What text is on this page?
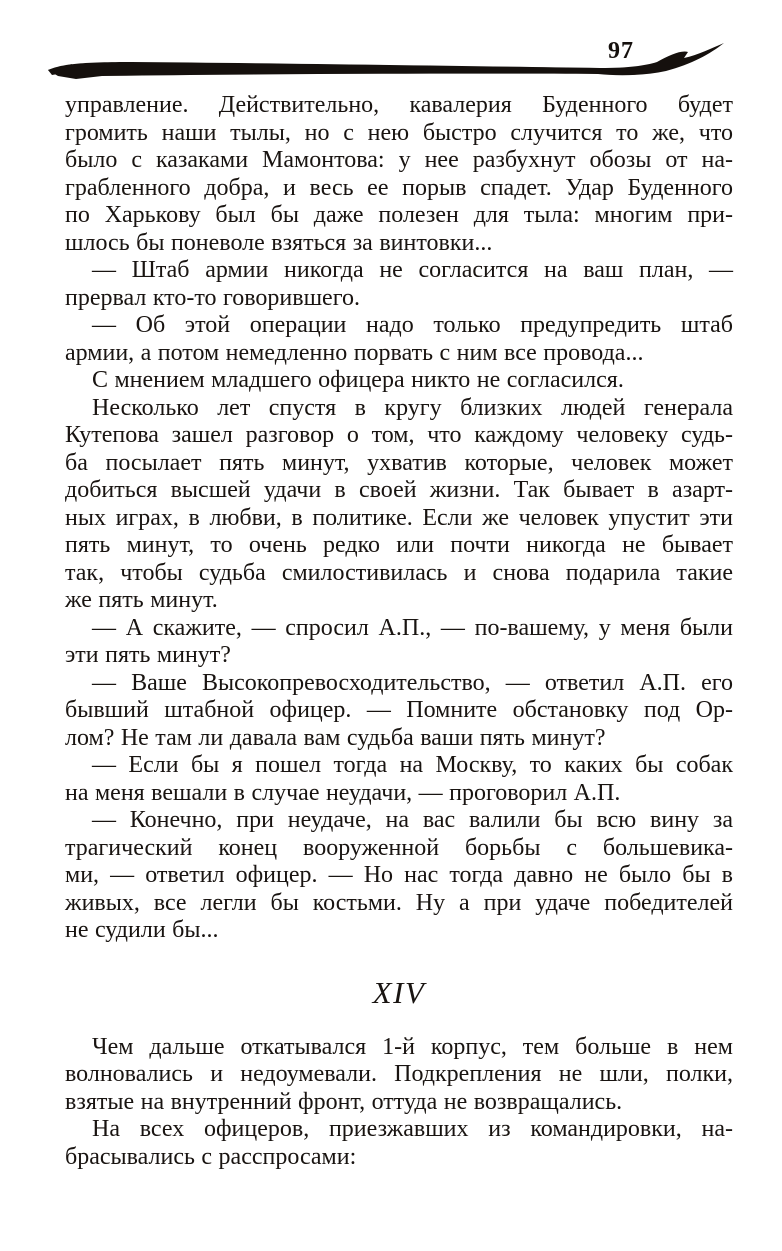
97
управление. Действительно, кавалерия Буденного будет
громить наши тылы, но с нею быстро случится то же, что
было с казаками Мамонтова: у нее разбухнут обозы от на-
грабленного добра, и весь ее порыв спадет. Удар Буденного
по Харькову был бы даже полезен для тыла: многим при-
шлось бы поневоле взяться за винтовки...
— Штаб армии никогда не согласится на ваш план, —
прервал кто-то говорившего.
— Об этой операции надо только предупредить штаб
армии, а потом немедленно порвать с ним все провода...
С мнением младшего офицера никто не согласился.
Несколько лет спустя в кругу близких людей генерала
Кутепова зашел разговор о том, что каждому человеку судь-
ба посылает пять минут, ухватив которые, человек может
добиться высшей удачи в своей жизни. Так бывает в азарт-
ных играх, в любви, в политике. Если же человек упустит эти
пять минут, то очень редко или почти никогда не бывает
так, чтобы судьба смилостивилась и снова подарила такие
же пять минут.
— А скажите, — спросил А.П., — по-вашему, у меня были
эти пять минут?
— Ваше Высокопревосходительство, — ответил А.П. его
бывший штабной офицер. — Помните обстановку под Ор-
лом? Не там ли давала вам судьба ваши пять минут?
— Если бы я пошел тогда на Москву, то каких бы собак
на меня вешали в случае неудачи, — проговорил А.П.
— Конечно, при неудаче, на вас валили бы всю вину за
трагический конец вооруженной борьбы с большевика-
ми, — ответил офицер. — Но нас тогда давно не было бы в
живых, все легли бы костьми. Ну а при удаче победителей
не судили бы...
XIV
Чем дальше откатывался 1-й корпус, тем больше в нем
волновались и недоумевали. Подкрепления не шли, полки,
взятые на внутренний фронт, оттуда не возвращались.
На всех офицеров, приезжавших из командировки, на-
брасывались с расспросами:
